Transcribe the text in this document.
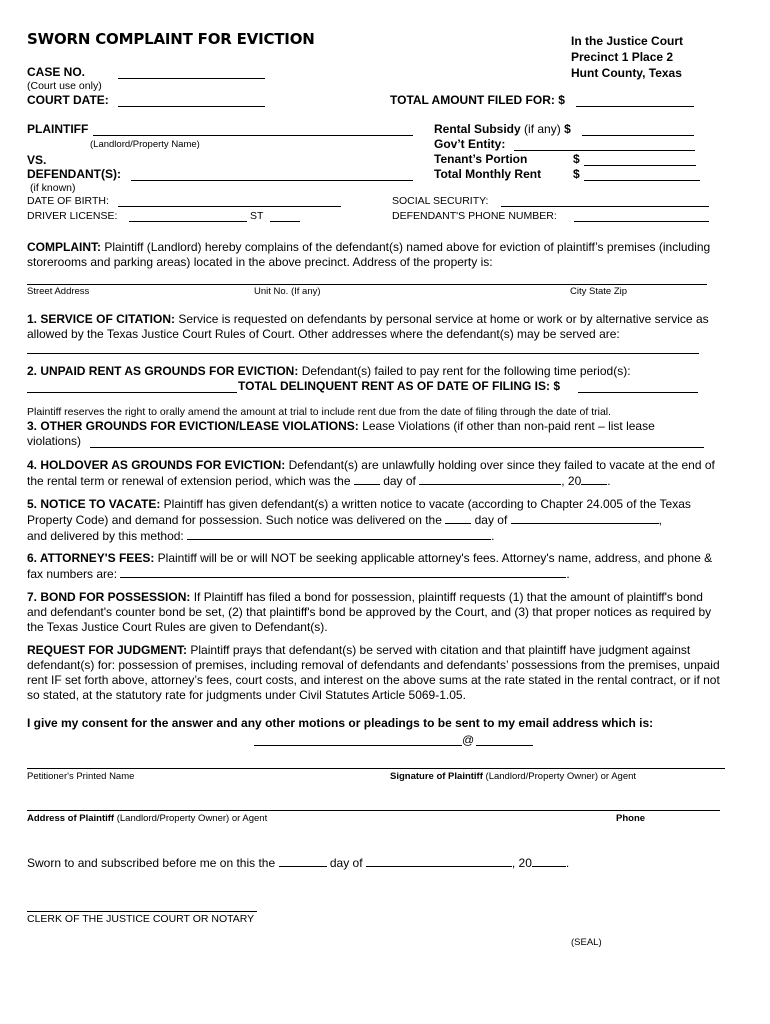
SWORN COMPLAINT FOR EVICTION	In the Justice Court
Precinct 1 Place 2
Hunt County, Texas
CASE NO.
(Court use only)
COURT DATE:	TOTAL AMOUNT FILED FOR: $
PLAINTIFF
(Landlord/Property Name)
VS.
DEFENDANT(S):
(if known)
DATE OF BIRTH:
DRIVER LICENSE:	ST
SOCIAL SECURITY:
DEFENDANT'S PHONE NUMBER:
Rental Subsidy (if any) $
Gov’t Entity:
Tenant’s Portion	$
Total Monthly Rent	$
COMPLAINT: Plaintiff (Landlord) hereby complains of the defendant(s) named above for eviction of plaintiff’s premises (including storerooms and parking areas) located in the above precinct. Address of the property is:
Street Address	Unit No. (If any)	City State Zip
1. SERVICE OF CITATION: Service is requested on defendants by personal service at home or work or by alternative service as allowed by the Texas Justice Court Rules of Court. Other addresses where the defendant(s) may be served are:
2. UNPAID RENT AS GROUNDS FOR EVICTION: Defendant(s) failed to pay rent for the following time period(s):
TOTAL DELINQUENT RENT AS OF DATE OF FILING IS: $
Plaintiff reserves the right to orally amend the amount at trial to include rent due from the date of filing through the date of trial.
3. OTHER GROUNDS FOR EVICTION/LEASE VIOLATIONS: Lease Violations (if other than non-paid rent – list lease
violations)
4. HOLDOVER AS GROUNDS FOR EVICTION: Defendant(s) are unlawfully holding over since they failed to vacate at the end of the rental term or renewal of extension period, which was the	day of	, 20 .
5. NOTICE TO VACATE: Plaintiff has given defendant(s) a written notice to vacate (according to Chapter 24.005 of the Texas Property Code) and demand for possession. Such notice was delivered on the	day of	,
and delivered by this method:	.
6. ATTORNEY'S FEES: Plaintiff will be or will NOT be seeking applicable attorney's fees. Attorney's name, address, and phone & fax numbers are:	.
7. BOND FOR POSSESSION: If Plaintiff has filed a bond for possession, plaintiff requests (1) that the amount of plaintiff's bond and defendant's counter bond be set, (2) that plaintiff's bond be approved by the Court, and (3) that proper notices as required by the Texas Justice Court Rules are given to Defendant(s).
REQUEST FOR JUDGMENT: Plaintiff prays that defendant(s) be served with citation and that plaintiff have judgment against defendant(s) for: possession of premises, including removal of defendants and defendants’ possessions from the premises, unpaid rent IF set forth above, attorney’s fees, court costs, and interest on the above sums at the rate stated in the rental contract, or if not so stated, at the statutory rate for judgments under Civil Statutes Article 5069-1.05.
I give my consent for the answer and any other motions or pleadings to be sent to my email address which is:
@
Petitioner's Printed Name	Signature of Plaintiff (Landlord/Property Owner) or Agent
Address of Plaintiff (Landlord/Property Owner) or Agent	Phone
Sworn to and subscribed before me on this the	day of	, 20	.
CLERK OF THE JUSTICE COURT OR NOTARY
(SEAL)
